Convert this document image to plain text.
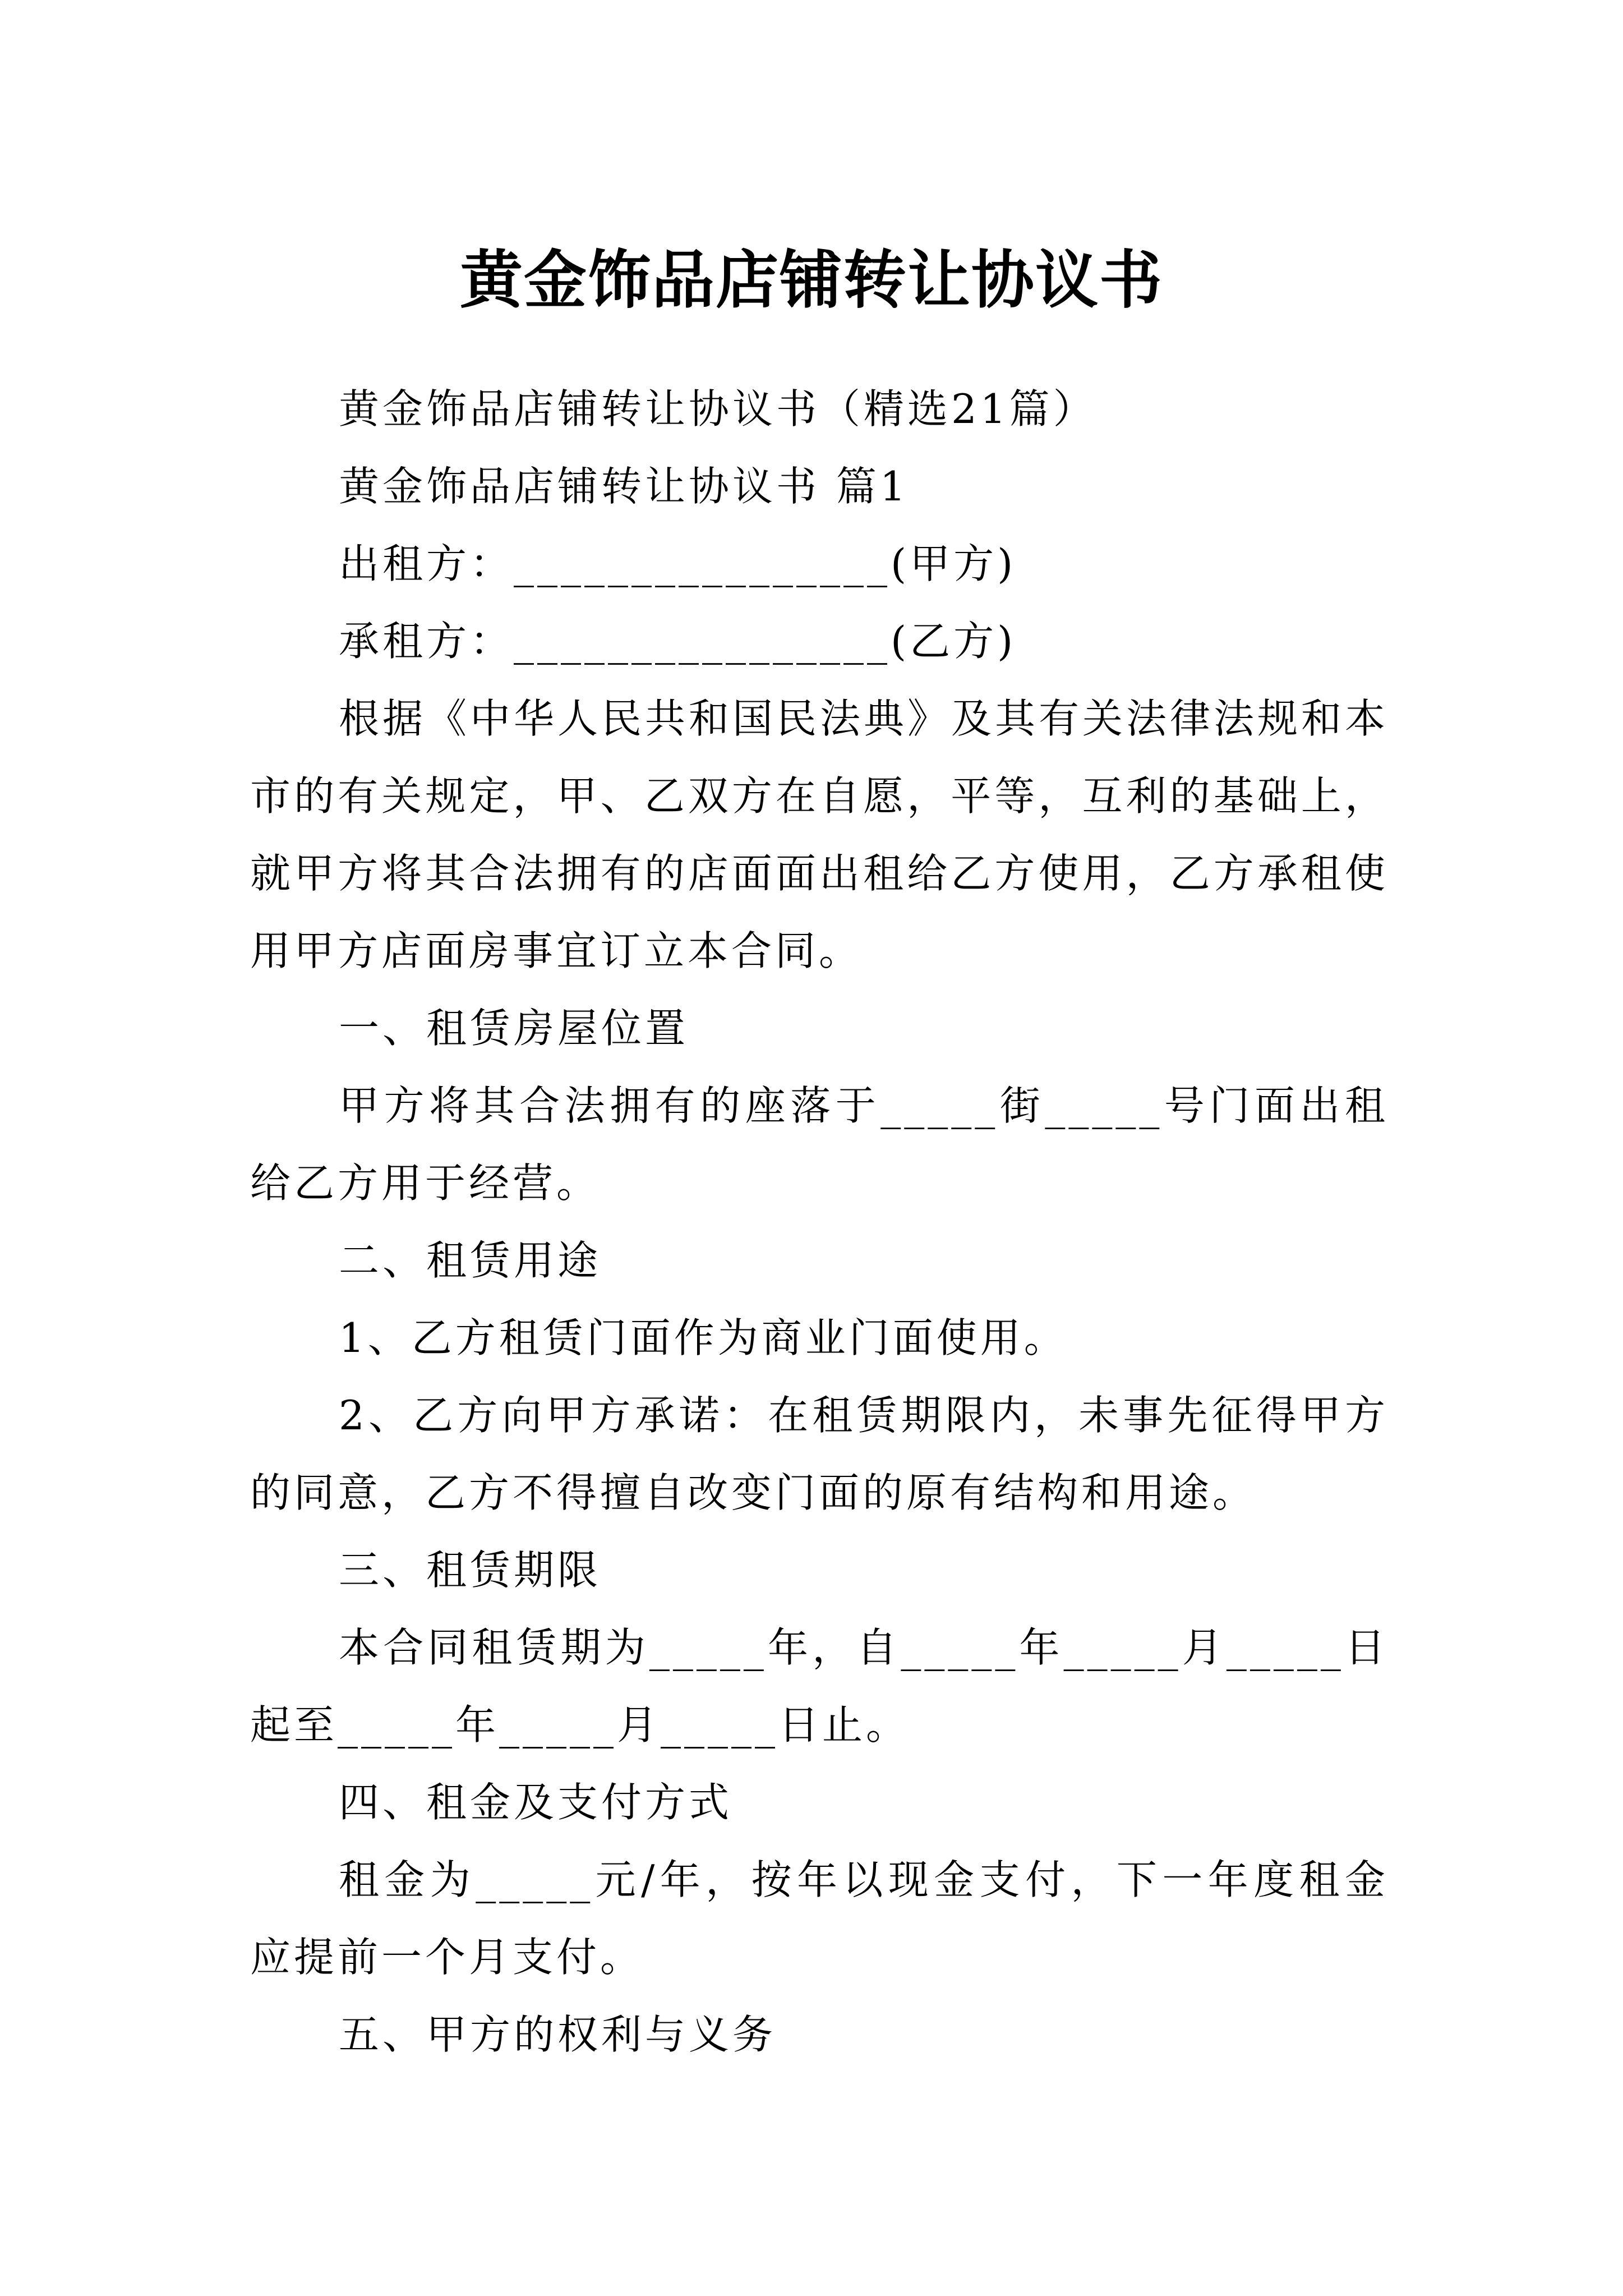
黄金饰品店铺转让协议书

黄金饰品店铺转让协议书（精选21篇）

黄金饰品店铺转让协议书 篇1

出租方：________________(甲方)

承租方：________________(乙方)

根据《中华人民共和国民法典》及其有关法律法规和本市的有关规定，甲、乙双方在自愿，平等，互利的基础上，就甲方将其合法拥有的店面面出租给乙方使用，乙方承租使用甲方店面房事宜订立本合同。

一、租赁房屋位置

甲方将其合法拥有的座落于_____街_____号门面出租给乙方用于经营。

二、租赁用途

1、乙方租赁门面作为商业门面使用。

2、乙方向甲方承诺：在租赁期限内，未事先征得甲方的同意，乙方不得擅自改变门面的原有结构和用途。

三、租赁期限

本合同租赁期为_____年，自_____年_____月_____日起至_____年_____月_____日止。

四、租金及支付方式

租金为_____元/年，按年以现金支付，下一年度租金应提前一个月支付。

五、甲方的权利与义务
